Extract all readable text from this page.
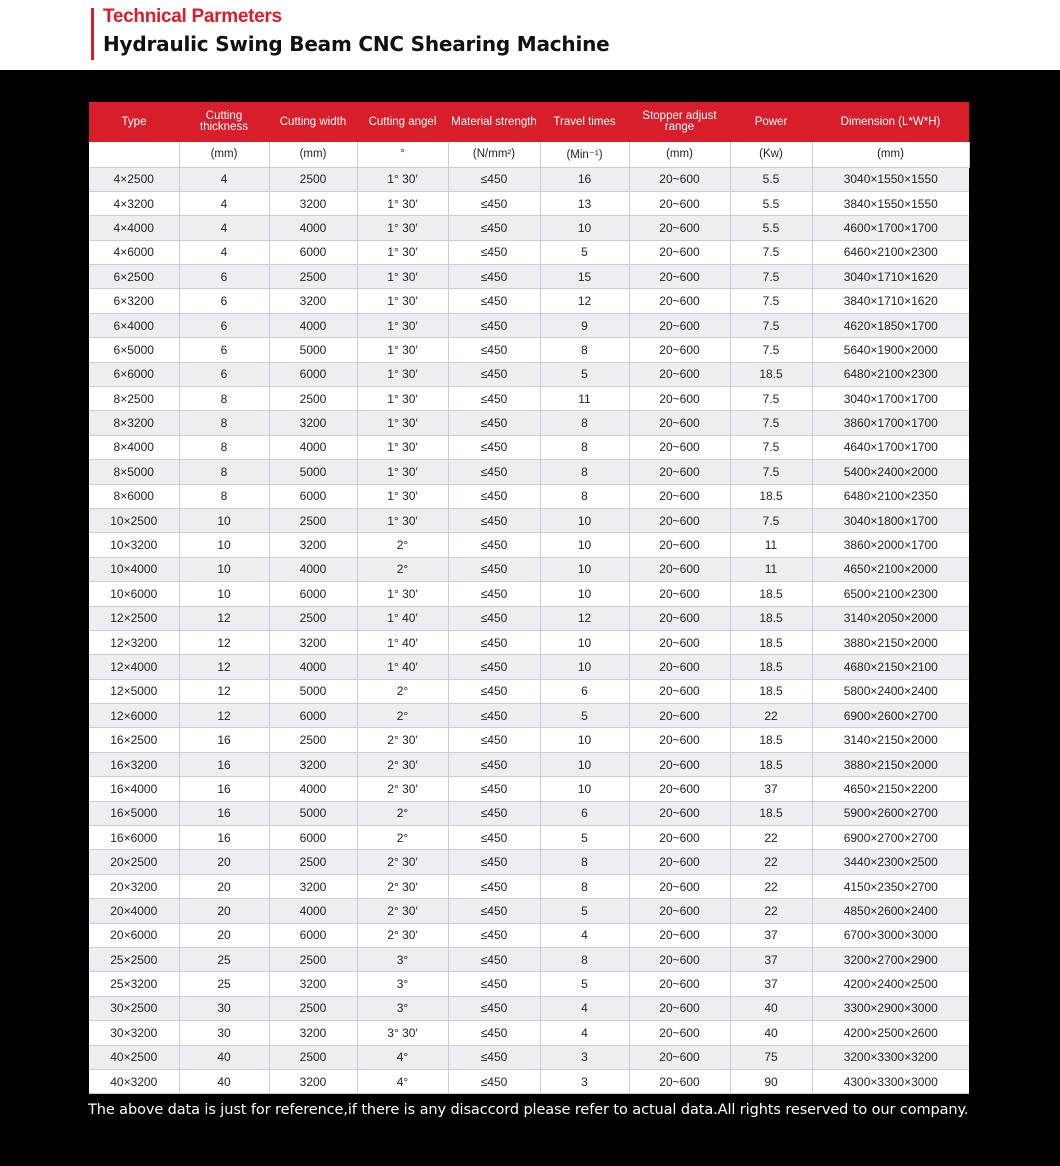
Technical Parmeters
Hydraulic Swing Beam CNC Shearing Machine
Type	Cutting thickness	Cutting width	Cutting angel	Material strength	Travel times	Stopper adjust range	Power	Dimension (L*W*H)
	(mm)	(mm)	°	(N/mm²)	(Min⁻¹)	(mm)	(Kw)	(mm)
4×2500	4	2500	1° 30′	≤450	16	20~600	5.5	3040×1550×1550
4×3200	4	3200	1° 30′	≤450	13	20~600	5.5	3840×1550×1550
4×4000	4	4000	1° 30′	≤450	10	20~600	5.5	4600×1700×1700
4×6000	4	6000	1° 30′	≤450	5	20~600	7.5	6460×2100×2300
6×2500	6	2500	1° 30′	≤450	15	20~600	7.5	3040×1710×1620
6×3200	6	3200	1° 30′	≤450	12	20~600	7.5	3840×1710×1620
6×4000	6	4000	1° 30′	≤450	9	20~600	7.5	4620×1850×1700
6×5000	6	5000	1° 30′	≤450	8	20~600	7.5	5640×1900×2000
6×6000	6	6000	1° 30′	≤450	5	20~600	18.5	6480×2100×2300
8×2500	8	2500	1° 30′	≤450	11	20~600	7.5	3040×1700×1700
8×3200	8	3200	1° 30′	≤450	8	20~600	7.5	3860×1700×1700
8×4000	8	4000	1° 30′	≤450	8	20~600	7.5	4640×1700×1700
8×5000	8	5000	1° 30′	≤450	8	20~600	7.5	5400×2400×2000
8×6000	8	6000	1° 30′	≤450	8	20~600	18.5	6480×2100×2350
10×2500	10	2500	1° 30′	≤450	10	20~600	7.5	3040×1800×1700
10×3200	10	3200	2°	≤450	10	20~600	11	3860×2000×1700
10×4000	10	4000	2°	≤450	10	20~600	11	4650×2100×2000
10×6000	10	6000	1° 30′	≤450	10	20~600	18.5	6500×2100×2300
12×2500	12	2500	1° 40′	≤450	12	20~600	18.5	3140×2050×2000
12×3200	12	3200	1° 40′	≤450	10	20~600	18.5	3880×2150×2000
12×4000	12	4000	1° 40′	≤450	10	20~600	18.5	4680×2150×2100
12×5000	12	5000	2°	≤450	6	20~600	18.5	5800×2400×2400
12×6000	12	6000	2°	≤450	5	20~600	22	6900×2600×2700
16×2500	16	2500	2° 30′	≤450	10	20~600	18.5	3140×2150×2000
16×3200	16	3200	2° 30′	≤450	10	20~600	18.5	3880×2150×2000
16×4000	16	4000	2° 30′	≤450	10	20~600	37	4650×2150×2200
16×5000	16	5000	2°	≤450	6	20~600	18.5	5900×2600×2700
16×6000	16	6000	2°	≤450	5	20~600	22	6900×2700×2700
20×2500	20	2500	2° 30′	≤450	8	20~600	22	3440×2300×2500
20×3200	20	3200	2° 30′	≤450	8	20~600	22	4150×2350×2700
20×4000	20	4000	2° 30′	≤450	5	20~600	22	4850×2600×2400
20×6000	20	6000	2° 30′	≤450	4	20~600	37	6700×3000×3000
25×2500	25	2500	3°	≤450	8	20~600	37	3200×2700×2900
25×3200	25	3200	3°	≤450	5	20~600	37	4200×2400×2500
30×2500	30	2500	3°	≤450	4	20~600	40	3300×2900×3000
30×3200	30	3200	3° 30′	≤450	4	20~600	40	4200×2500×2600
40×2500	40	2500	4°	≤450	3	20~600	75	3200×3300×3200
40×3200	40	3200	4°	≤450	3	20~600	90	4300×3300×3000
The above data is just for reference,if there is any disaccord please refer to actual data.All rights reserved to our company.
